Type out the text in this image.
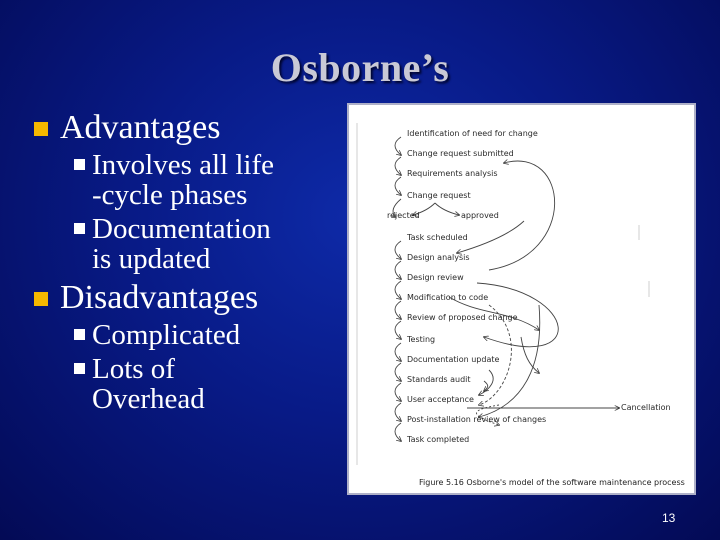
Osborne’s
Advantages
Involves all life
-cycle phases
Documentation
is updated
Disadvantages
Complicated
Lots of
Overhead
Identification of need for change
Change request submitted
Requirements analysis
Change request
rejected	approved
Task scheduled
Design analysis
Design review
Modification to code
Review of proposed change
Testing
Documentation update
Standards audit
User acceptance
Post-installation review of changes
Task completed
Cancellation
Figure 5.16 Osborne's model of the software maintenance process
13
